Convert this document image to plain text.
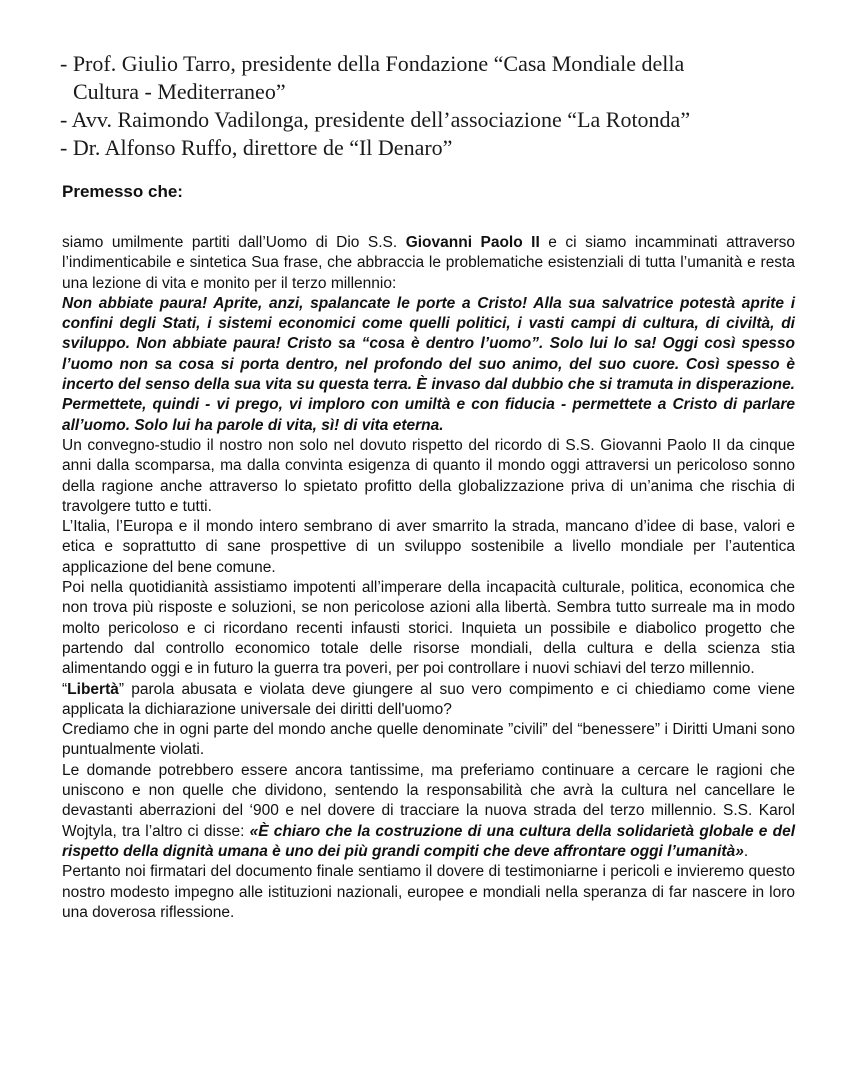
- Prof. Giulio Tarro, presidente della Fondazione “Casa Mondiale della
Cultura - Mediterraneo”

- Avv. Raimondo Vadilonga, presidente dell’associazione “La Rotonda”

- Dr. Alfonso Ruffo, direttore de “Il Denaro”

Premesso che:

siamo umilmente partiti dall’Uomo di Dio S.S. Giovanni Paolo II e ci siamo incamminati attraverso l’indimenticabile e sintetica Sua frase, che abbraccia le problematiche esistenziali di tutta l’umanità e resta una lezione di vita e monito per il terzo millennio:
Non abbiate paura! Aprite, anzi, spalancate le porte a Cristo! Alla sua salvatrice potestà aprite i confini degli Stati, i sistemi economici come quelli politici, i vasti campi di cultura, di civiltà, di sviluppo. Non abbiate paura! Cristo sa “cosa è dentro l’uomo”. Solo lui lo sa! Oggi così spesso l’uomo non sa cosa si porta dentro, nel profondo del suo animo, del suo cuore. Così spesso è incerto del senso della sua vita su questa terra. È invaso dal dubbio che si tramuta in disperazione. Permettete, quindi - vi prego, vi imploro con umiltà e con fiducia - permettete a Cristo di parlare all’uomo. Solo lui ha parole di vita, sì! di vita eterna.

Un convegno-studio il nostro non solo nel dovuto rispetto del ricordo di S.S. Giovanni Paolo II da cinque anni dalla scomparsa, ma dalla convinta esigenza di quanto il mondo oggi attraversi un pericoloso sonno della ragione anche attraverso lo spietato profitto della globalizzazione priva di un’anima che rischia di travolgere tutto e tutti.

L’Italia, l’Europa e il mondo intero sembrano di aver smarrito la strada, mancano d’idee di base, valori e etica e soprattutto di sane prospettive di un sviluppo sostenibile a livello mondiale per l’autentica applicazione del bene comune.

Poi nella quotidianità assistiamo impotenti all’imperare della incapacità culturale, politica, economica che non trova più risposte e soluzioni, se non pericolose azioni alla libertà. Sembra tutto surreale ma in modo molto pericoloso e ci ricordano recenti infausti storici. Inquieta un possibile e diabolico progetto che partendo dal controllo economico totale delle risorse mondiali, della cultura e della scienza stia alimentando oggi e in futuro la guerra tra poveri, per poi controllare i nuovi schiavi del terzo millennio.

“Libertà” parola abusata e violata deve giungere al suo vero compimento e ci chiediamo come viene applicata la dichiarazione universale dei diritti dell'uomo?

Crediamo che in ogni parte del mondo anche quelle denominate ”civili” del “benessere” i Diritti Umani sono puntualmente violati.

Le domande potrebbero essere ancora tantissime, ma preferiamo continuare a cercare le ragioni che uniscono e non quelle che dividono, sentendo la responsabilità che avrà la cultura nel cancellare le devastanti aberrazioni del ‘900 e nel dovere di tracciare la nuova strada del terzo millennio. S.S. Karol Wojtyla, tra l’altro ci disse: «È chiaro che la costruzione di una cultura della solidarietà globale e del rispetto della dignità umana è uno dei più grandi compiti che deve affrontare oggi l’umanità».

Pertanto noi firmatari del documento finale sentiamo il dovere di testimoniarne i pericoli e invieremo questo nostro modesto impegno alle istituzioni nazionali, europee e mondiali nella speranza di far nascere in loro una doverosa riflessione.
